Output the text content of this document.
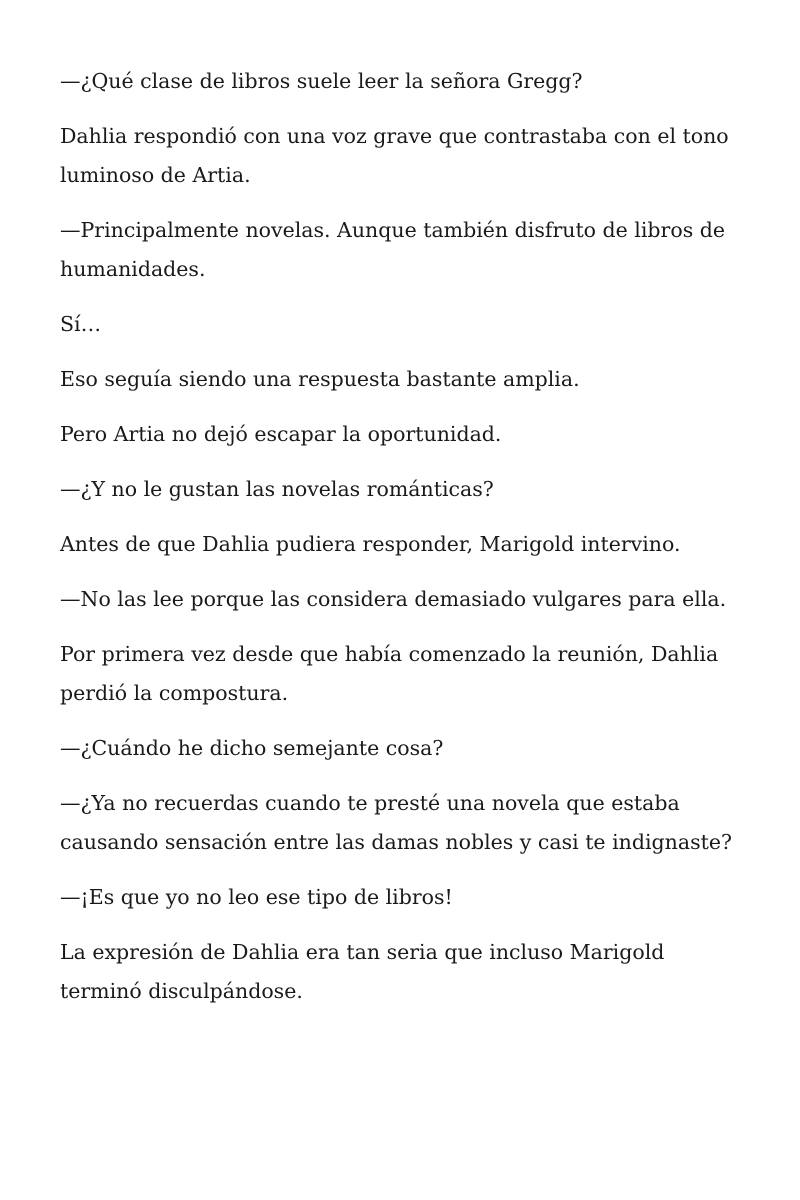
—¿Qué clase de libros suele leer la señora Gregg?

Dahlia respondió con una voz grave que contrastaba con el tono luminoso de Artia.

—Principalmente novelas. Aunque también disfruto de libros de humanidades.

Sí…

Eso seguía siendo una respuesta bastante amplia.

Pero Artia no dejó escapar la oportunidad.

—¿Y no le gustan las novelas románticas?

Antes de que Dahlia pudiera responder, Marigold intervino.

—No las lee porque las considera demasiado vulgares para ella.

Por primera vez desde que había comenzado la reunión, Dahlia perdió la compostura.

—¿Cuándo he dicho semejante cosa?

—¿Ya no recuerdas cuando te presté una novela que estaba causando sensación entre las damas nobles y casi te indignaste?

—¡Es que yo no leo ese tipo de libros!

La expresión de Dahlia era tan seria que incluso Marigold terminó disculpándose.
